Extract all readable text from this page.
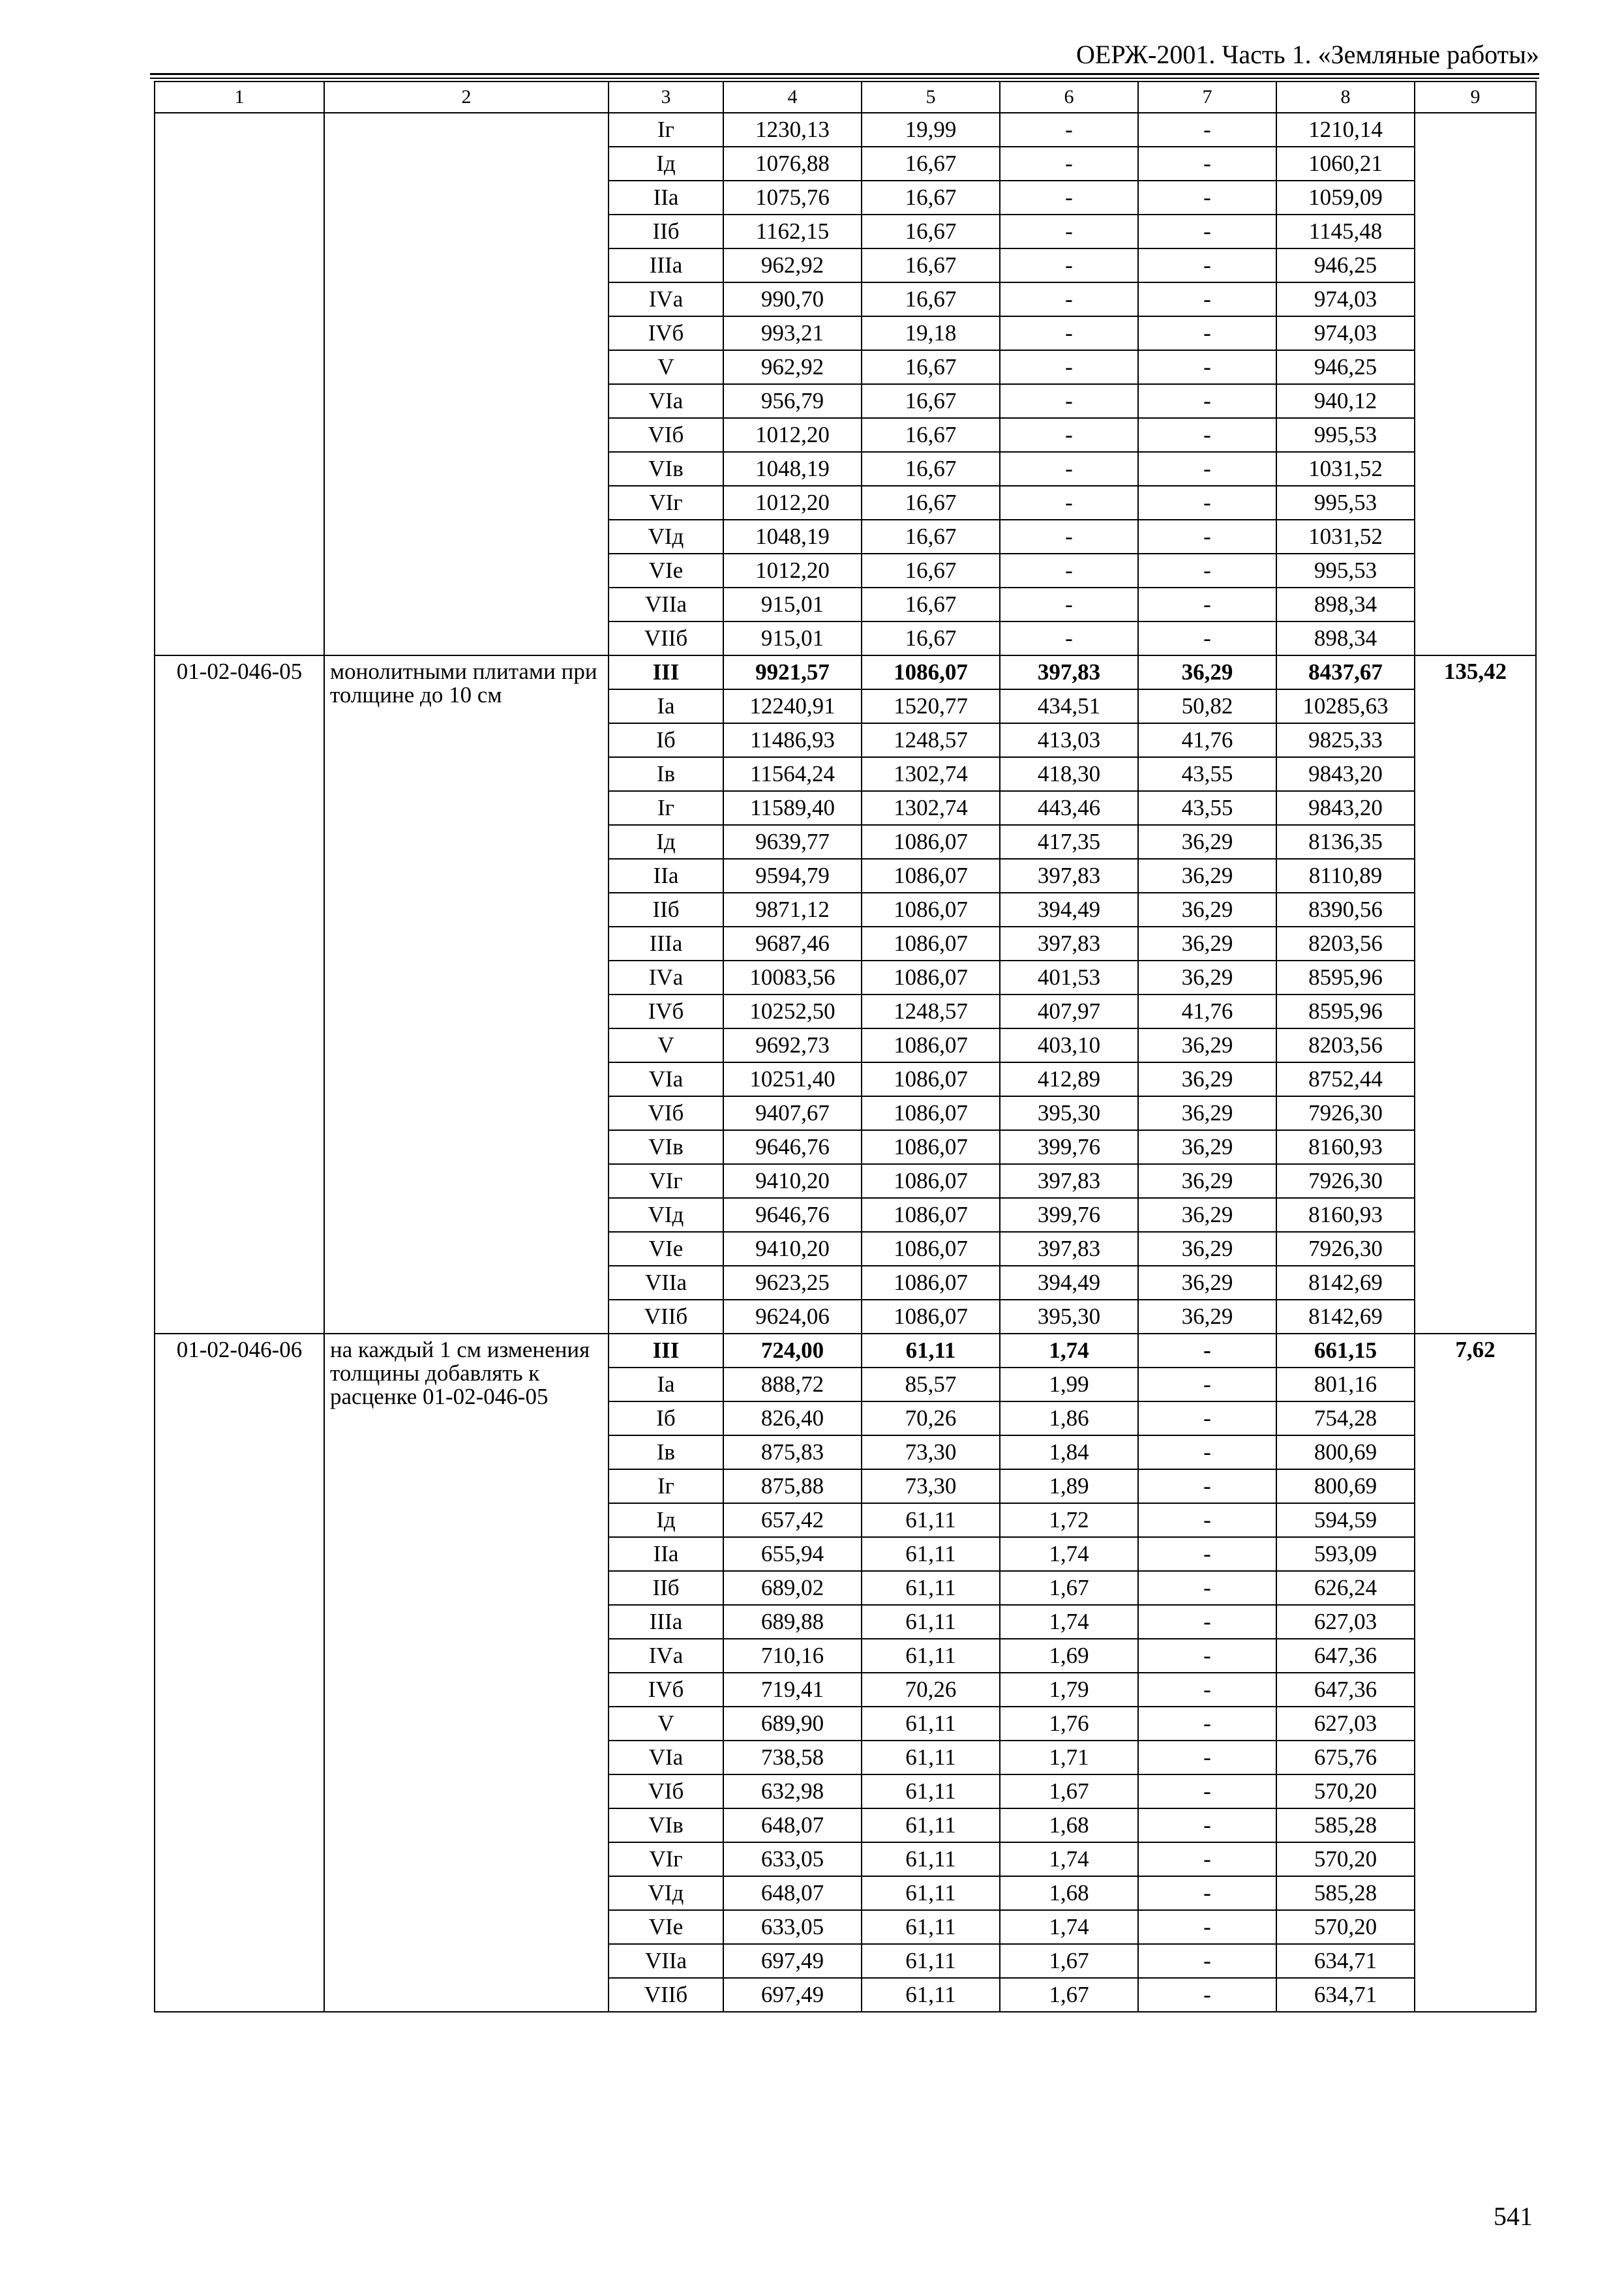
ОЕРЖ-2001. Часть 1. «Земляные работы»
1	2	3	4	5	6	7	8	9
		Iг	1230,13	19,99	-	-	1210,14	
		Iд	1076,88	16,67	-	-	1060,21	
		IIа	1075,76	16,67	-	-	1059,09	
		IIб	1162,15	16,67	-	-	1145,48	
		IIIа	962,92	16,67	-	-	946,25	
		IVа	990,70	16,67	-	-	974,03	
		IVб	993,21	19,18	-	-	974,03	
		V	962,92	16,67	-	-	946,25	
		VIа	956,79	16,67	-	-	940,12	
		VIб	1012,20	16,67	-	-	995,53	
		VIв	1048,19	16,67	-	-	1031,52	
		VIг	1012,20	16,67	-	-	995,53	
		VIд	1048,19	16,67	-	-	1031,52	
		VIе	1012,20	16,67	-	-	995,53	
		VIIа	915,01	16,67	-	-	898,34	
		VIIб	915,01	16,67	-	-	898,34	
01-02-046-05	монолитными плитами при толщине до 10 см	III	9921,57	1086,07	397,83	36,29	8437,67	135,42
		Iа	12240,91	1520,77	434,51	50,82	10285,63	
		Iб	11486,93	1248,57	413,03	41,76	9825,33	
		Iв	11564,24	1302,74	418,30	43,55	9843,20	
		Iг	11589,40	1302,74	443,46	43,55	9843,20	
		Iд	9639,77	1086,07	417,35	36,29	8136,35	
		IIа	9594,79	1086,07	397,83	36,29	8110,89	
		IIб	9871,12	1086,07	394,49	36,29	8390,56	
		IIIа	9687,46	1086,07	397,83	36,29	8203,56	
		IVа	10083,56	1086,07	401,53	36,29	8595,96	
		IVб	10252,50	1248,57	407,97	41,76	8595,96	
		V	9692,73	1086,07	403,10	36,29	8203,56	
		VIа	10251,40	1086,07	412,89	36,29	8752,44	
		VIб	9407,67	1086,07	395,30	36,29	7926,30	
		VIв	9646,76	1086,07	399,76	36,29	8160,93	
		VIг	9410,20	1086,07	397,83	36,29	7926,30	
		VIд	9646,76	1086,07	399,76	36,29	8160,93	
		VIе	9410,20	1086,07	397,83	36,29	7926,30	
		VIIа	9623,25	1086,07	394,49	36,29	8142,69	
		VIIб	9624,06	1086,07	395,30	36,29	8142,69	
01-02-046-06	на каждый 1 см изменения толщины добавлять к расценке 01-02-046-05	III	724,00	61,11	1,74	-	661,15	7,62
		Iа	888,72	85,57	1,99	-	801,16	
		Iб	826,40	70,26	1,86	-	754,28	
		Iв	875,83	73,30	1,84	-	800,69	
		Iг	875,88	73,30	1,89	-	800,69	
		Iд	657,42	61,11	1,72	-	594,59	
		IIа	655,94	61,11	1,74	-	593,09	
		IIб	689,02	61,11	1,67	-	626,24	
		IIIа	689,88	61,11	1,74	-	627,03	
		IVа	710,16	61,11	1,69	-	647,36	
		IVб	719,41	70,26	1,79	-	647,36	
		V	689,90	61,11	1,76	-	627,03	
		VIа	738,58	61,11	1,71	-	675,76	
		VIб	632,98	61,11	1,67	-	570,20	
		VIв	648,07	61,11	1,68	-	585,28	
		VIг	633,05	61,11	1,74	-	570,20	
		VIд	648,07	61,11	1,68	-	585,28	
		VIе	633,05	61,11	1,74	-	570,20	
		VIIа	697,49	61,11	1,67	-	634,71	
		VIIб	697,49	61,11	1,67	-	634,71	
541
